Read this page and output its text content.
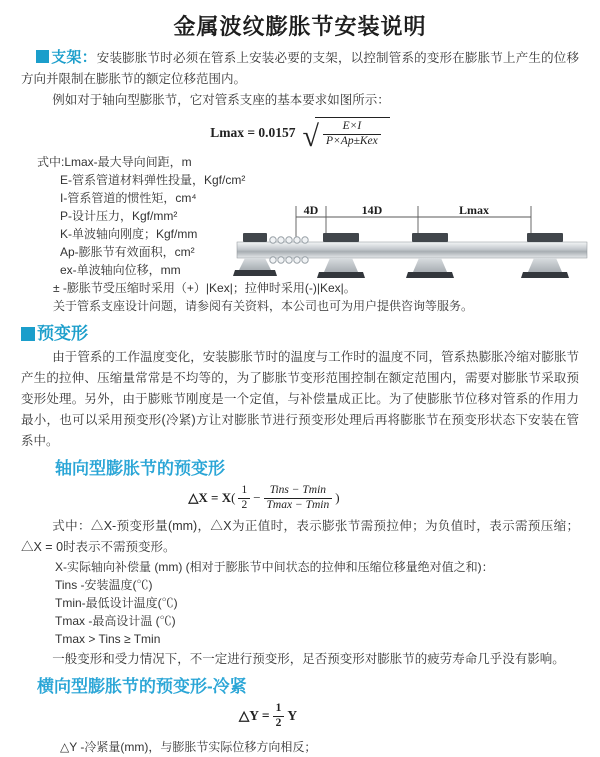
金属波纹膨胀节安装说明

支架：安装膨胀节时必须在管系上安装必要的支架，以控制管系的变形在膨胀节上产生的位移方向并限制在膨胀节的额定位移范围内。

例如对于轴向型膨胀节，它对管系支座的基本要求如图所示：

Lmax = 0.0157 √ $\frac{E\times I}{\text{P×Ap±Kex}}$
式中:Lmax-最大导向间距，m
E-管系管道材料弹性投量，Kgf/cm²
I-管系管道的惯性矩，cm⁴
P-设计压力，Kgf/mm²
K-单波轴向刚度；Kgf/mm
Ap-膨胀节有效面积，cm²
ex-单波轴向位移，mm
± -膨胀节受压缩时采用（+）|Kex|；拉伸时采用(-)|Kex|。
关于管系支座设计问题，请参阅有关资料，本公司也可为用户提供咨询等服务。
4D	14D	Lmax
预变形

由于管系的工作温度变化，安装膨胀节时的温度与工作时的温度不同，管系热膨胀冷缩对膨胀节产生的拉伸、压缩量常常是不均等的，为了膨胀节变形范围控制在额定范围内，需要对膨胀节采取预变形处理。另外，由于膨账节刚度是一个定值，与补偿量成正比。为了使膨胀节位移对管系的作用力最小，也可以采用预变形(冷紧)方让对膨胀节进行预变形处理后再将膨胀节在预变形状态下安装在管系中。

轴向型膨胀节的预变形
△X = X ( $\frac{1}{2} - \frac{\text{Tins − Tmin}}{Tmax - Tmin}$ )

式中：△X-预变形量(mm)，△X为正值时，表示膨张节需预拉伸；为负值时，表示需预压缩；△X = 0时表示不需预变形。

X-实际轴向补偿量 (mm) (相对于膨胀节中间状态的拉伸和压缩位移量绝对值之和)：
Tins -安装温度(℃)
Tmin-最低设计温度(℃)
Tmax -最高设计温 (℃)
Tmax > Tins ≥ Tmin

一般变形和受力情况下，不一定进行预变形，足否预变形对膨胀节的疲劳寿命几乎没有影响。

横向型膨胀节的预变形-冷紧
△Y = $\frac{1}{2}$ Y

△Y -冷紧量(mm)，与膨胀节实际位移方向相反；
